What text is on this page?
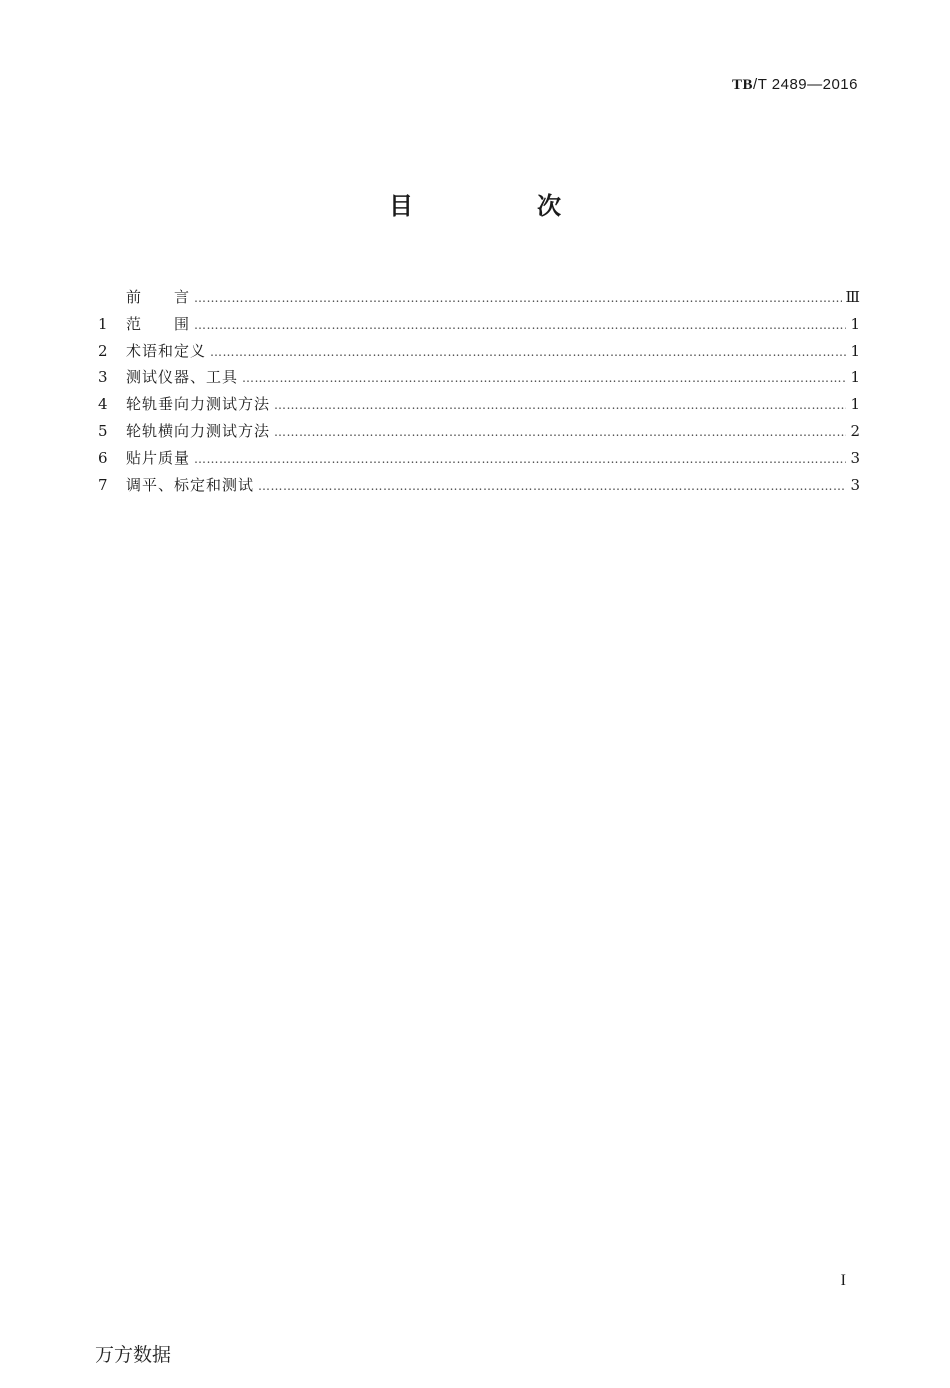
TB/T 2489—2016
目　次
前　　言 …………………………………………………………………………………………………………………………………………………………………………………………………………………	Ⅲ
1	范　　围 …………………………………………………………………………………………………………………………………………………………………………………………………………………	1
2	术语和定义 …………………………………………………………………………………………………………………………………………………………………………………………………………………	1
3	测试仪器、工具 …………………………………………………………………………………………………………………………………………………………………………………………………………………	1
4	轮轨垂向力测试方法 …………………………………………………………………………………………………………………………………………………………………………………………………………………	1
5	轮轨横向力测试方法 …………………………………………………………………………………………………………………………………………………………………………………………………………………	2
6	贴片质量 …………………………………………………………………………………………………………………………………………………………………………………………………………………	3
7	调平、标定和测试 …………………………………………………………………………………………………………………………………………………………………………………………………………………	3
I
万方数据
